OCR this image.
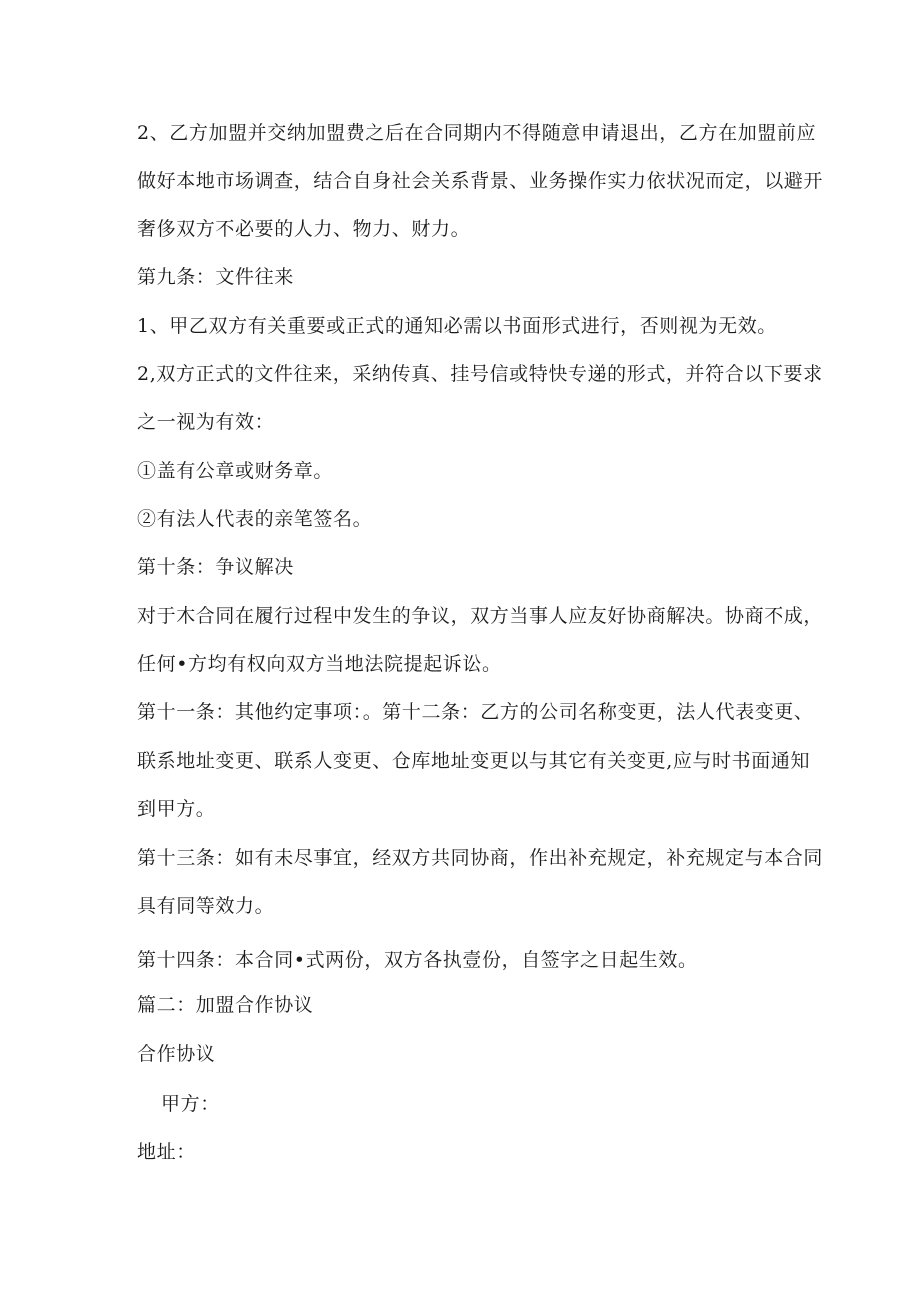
2、乙方加盟并交纳加盟费之后在合同期内不得随意申请退出，乙方在加盟前应

做好本地市场调查，结合自身社会关系背景、业务操作实力依状况而定，以避开

奢侈双方不必要的人力、物力、财力。

第九条：文件往来

1、甲乙双方有关重要或正式的通知必需以书面形式进行，否则视为无效。

2,双方正式的文件往来，采纳传真、挂号信或特快专递的形式，并符合以下要求

之一视为有效：

①盖有公章或财务章。

②有法人代表的亲笔签名。

第十条：争议解决

对于木合同在履行过程中发生的争议，双方当事人应友好协商解决。协商不成，

任何•方均有权向双方当地法院提起诉讼。

第十一条：其他约定事项：。第十二条：乙方的公司名称变更，法人代表变更、

联系地址变更、联系人变更、仓库地址变更以与其它有关变更,应与时书面通知

到甲方。

第十三条：如有未尽事宜，经双方共同协商，作出补充规定，补充规定与本合同

具有同等效力。

第十四条：本合同•式两份，双方各执壹份，自签字之日起生效。

篇二：加盟合作协议

合作协议

甲方：

地址：
